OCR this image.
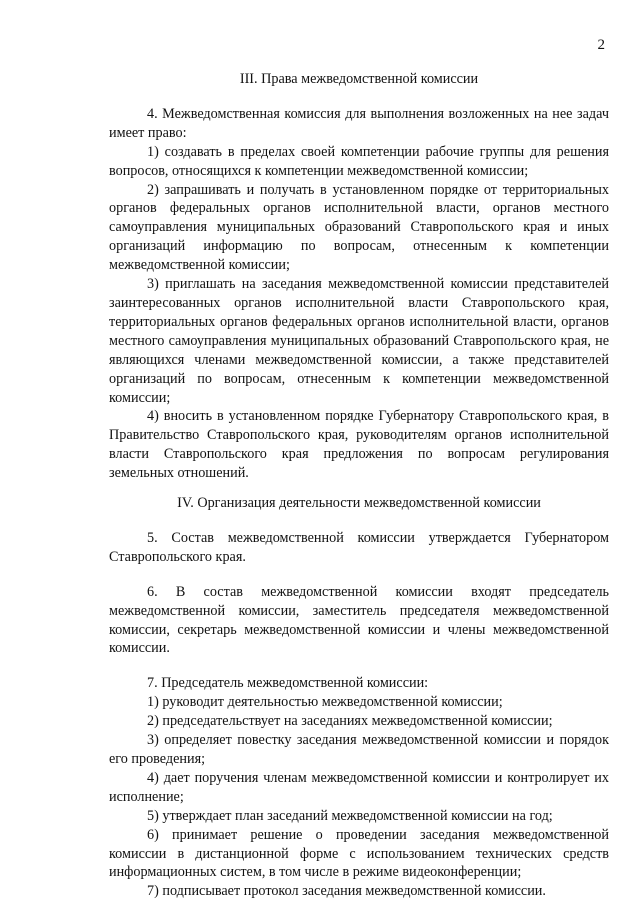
2
III. Права межведомственной комиссии
4. Межведомственная комиссия для выполнения возложенных на нее задач имеет право:
1) создавать в пределах своей компетенции рабочие группы для решения вопросов, относящихся к компетенции межведомственной комиссии;
2) запрашивать и получать в установленном порядке от территориальных органов федеральных органов исполнительной власти, органов местного самоуправления муниципальных образований Ставропольского края и иных организаций информацию по вопросам, отнесенным к компетенции межведомственной комиссии;
3) приглашать на заседания межведомственной комиссии представителей заинтересованных органов исполнительной власти Ставропольского края, территориальных органов федеральных органов исполнительной власти, органов местного самоуправления муниципальных образований Ставропольского края, не являющихся членами межведомственной комиссии, а также представителей организаций по вопросам, отнесенным к компетенции межведомственной комиссии;
4) вносить в установленном порядке Губернатору Ставропольского края, в Правительство Ставропольского края, руководителям органов исполнительной власти Ставропольского края предложения по вопросам регулирования земельных отношений.
IV. Организация деятельности межведомственной комиссии
5. Состав межведомственной комиссии утверждается Губернатором Ставропольского края.
6. В состав межведомственной комиссии входят председатель межведомственной комиссии, заместитель председателя межведомственной комиссии, секретарь межведомственной комиссии и члены межведомственной комиссии.
7. Председатель межведомственной комиссии:
1) руководит деятельностью межведомственной комиссии;
2) председательствует на заседаниях межведомственной комиссии;
3) определяет повестку заседания межведомственной комиссии и порядок его проведения;
4) дает поручения членам межведомственной комиссии и контролирует их исполнение;
5) утверждает план заседаний межведомственной комиссии на год;
6) принимает решение о проведении заседания межведомственной комиссии в дистанционной форме с использованием технических средств информационных систем, в том числе в режиме видеоконференции;
7) подписывает протокол заседания межведомственной комиссии.
